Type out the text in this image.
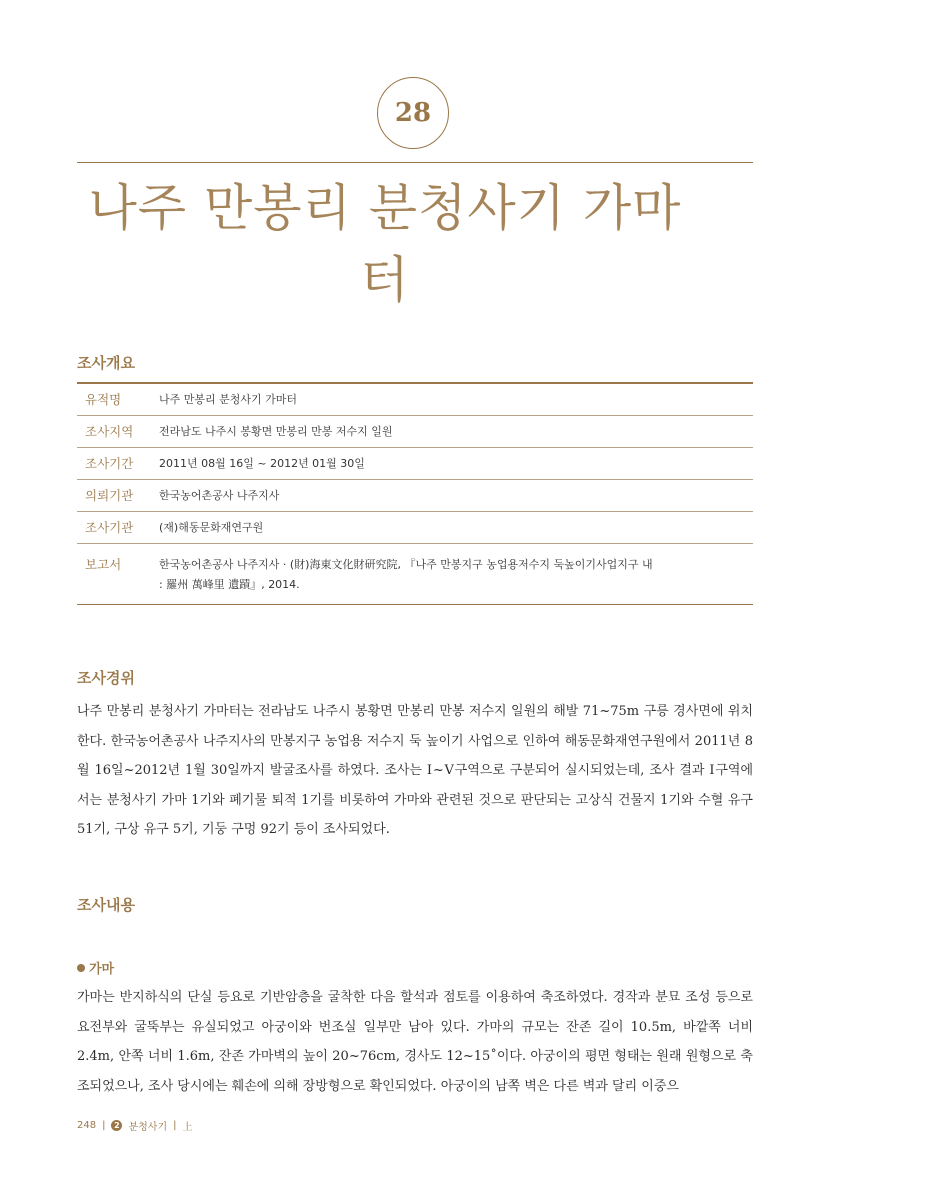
28
나주 만봉리 분청사기 가마터
조사개요
유적명	나주 만봉리 분청사기 가마터
조사지역	전라남도 나주시 봉황면 만봉리 만봉 저수지 일원
조사기간	2011년 08월 16일 ~ 2012년 01월 30일
의뢰기관	한국농어촌공사 나주지사
조사기관	(재)해동문화재연구원
보고서	한국농어촌공사 나주지사 · (財)海東文化財研究院, 『나주 만봉지구 농업용저수지 둑높이기사업지구 내
: 羅州 萬峰里 遺蹟』, 2014.
조사경위

나주 만봉리 분청사기 가마터는 전라남도 나주시 봉황면 만봉리 만봉 저수지 일원의 해발 71~75m 구릉 경사면에 위치한다. 한국농어촌공사 나주지사의 만봉지구 농업용 저수지 둑 높이기 사업으로 인하여 해동문화재연구원에서 2011년 8월 16일~2012년 1월 30일까지 발굴조사를 하였다. 조사는 Ⅰ~Ⅴ구역으로 구분되어 실시되었는데, 조사 결과 Ⅰ구역에서는 분청사기 가마 1기와 폐기물 퇴적 1기를 비롯하여 가마와 관련된 것으로 판단되는 고상식 건물지 1기와 수혈 유구 51기, 구상 유구 5기, 기둥 구멍 92기 등이 조사되었다.

조사내용
가마

가마는 반지하식의 단실 등요로 기반암층을 굴착한 다음 할석과 점토를 이용하여 축조하였다. 경작과 분묘 조성 등으로 요전부와 굴뚝부는 유실되었고 아궁이와 번조실 일부만 남아 있다. 가마의 규모는 잔존 길이 10.5m, 바깥쪽 너비 2.4m, 안쪽 너비 1.6m, 잔존 가마벽의 높이 20~76cm, 경사도 12~15˚이다. 아궁이의 평면 형태는 원래 원형으로 축조되었으나, 조사 당시에는 훼손에 의해 장방형으로 확인되었다. 아궁이의 남쪽 벽은 다른 벽과 달리 이중으

248 |	2 분청사기 | 上
